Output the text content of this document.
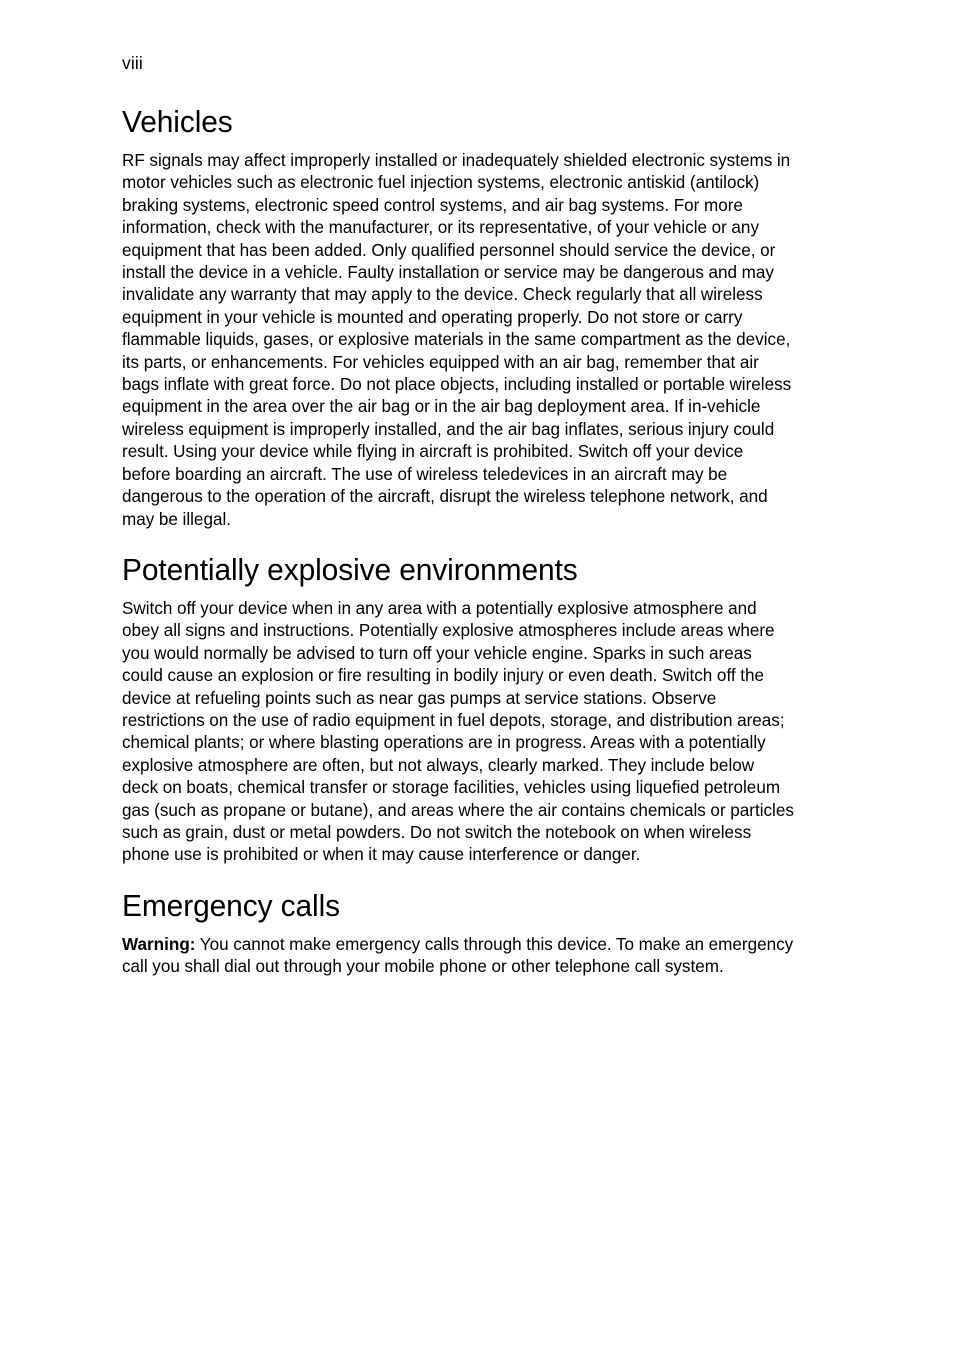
viii
Vehicles

RF signals may affect improperly installed or inadequately shielded electronic systems in motor vehicles such as electronic fuel injection systems, electronic antiskid (antilock) braking systems, electronic speed control systems, and air bag systems. For more information, check with the manufacturer, or its representative, of your vehicle or any equipment that has been added. Only qualified personnel should service the device, or install the device in a vehicle. Faulty installation or service may be dangerous and may invalidate any warranty that may apply to the device. Check regularly that all wireless equipment in your vehicle is mounted and operating properly. Do not store or carry flammable liquids, gases, or explosive materials in the same compartment as the device, its parts, or enhancements. For vehicles equipped with an air bag, remember that air bags inflate with great force. Do not place objects, including installed or portable wireless equipment in the area over the air bag or in the air bag deployment area. If in-vehicle wireless equipment is improperly installed, and the air bag inflates, serious injury could result. Using your device while flying in aircraft is prohibited. Switch off your device before boarding an aircraft. The use of wireless teledevices in an aircraft may be dangerous to the operation of the aircraft, disrupt the wireless telephone network, and may be illegal.

Potentially explosive environments

Switch off your device when in any area with a potentially explosive atmosphere and obey all signs and instructions. Potentially explosive atmospheres include areas where you would normally be advised to turn off your vehicle engine. Sparks in such areas could cause an explosion or fire resulting in bodily injury or even death. Switch off the device at refueling points such as near gas pumps at service stations. Observe restrictions on the use of radio equipment in fuel depots, storage, and distribution areas; chemical plants; or where blasting operations are in progress. Areas with a potentially explosive atmosphere are often, but not always, clearly marked. They include below deck on boats, chemical transfer or storage facilities, vehicles using liquefied petroleum gas (such as propane or butane), and areas where the air contains chemicals or particles such as grain, dust or metal powders. Do not switch the notebook on when wireless phone use is prohibited or when it may cause interference or danger.

Emergency calls

Warning: You cannot make emergency calls through this device. To make an emergency call you shall dial out through your mobile phone or other telephone call system.
